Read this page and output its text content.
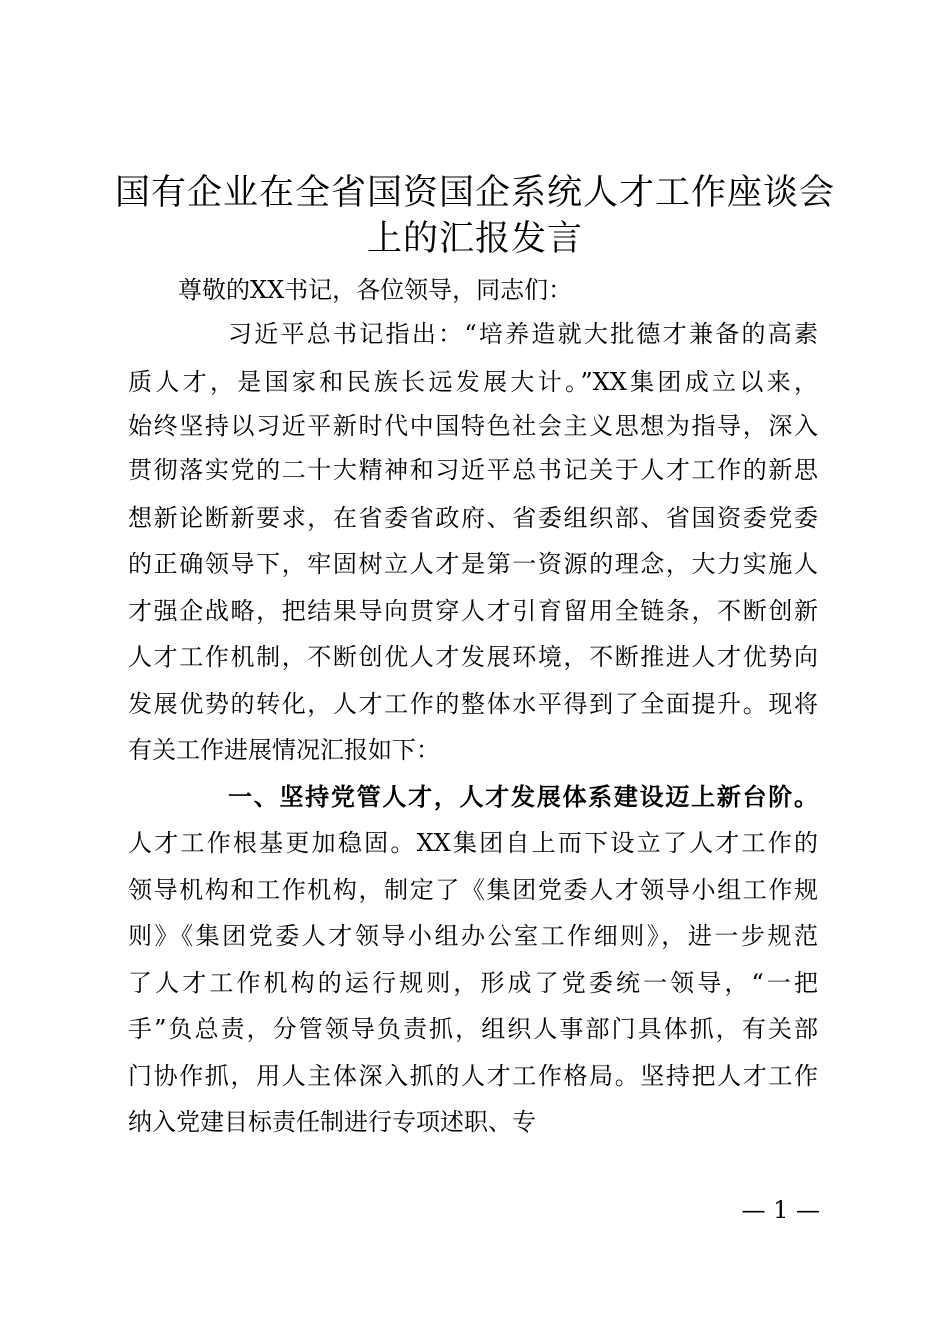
国有企业在全省国资国企系统人才工作座谈会
上的汇报发言
尊敬的XX书记，各位领导，同志们：
习近平总书记指出：“培养造就大批德才兼备的高素
质人才，是国家和民族长远发展大计。”XX集团成立以来，
始终坚持以习近平新时代中国特色社会主义思想为指导，深入
贯彻落实党的二十大精神和习近平总书记关于人才工作的新思
想新论断新要求，在省委省政府、省委组织部、省国资委党委
的正确领导下，牢固树立人才是第一资源的理念，大力实施人
才强企战略，把结果导向贯穿人才引育留用全链条，不断创新
人才工作机制，不断创优人才发展环境，不断推进人才优势向
发展优势的转化，人才工作的整体水平得到了全面提升。现将
有关工作进展情况汇报如下：
一、坚持党管人才，人才发展体系建设迈上新台阶。
人才工作根基更加稳固。XX集团自上而下设立了人才工作的
领导机构和工作机构，制定了《集团党委人才领导小组工作规
则》《集团党委人才领导小组办公室工作细则》，进一步规范
了人才工作机构的运行规则，形成了党委统一领导，“一把
手”负总责，分管领导负责抓，组织人事部门具体抓，有关部
门协作抓，用人主体深入抓的人才工作格局。坚持把人才工作
纳入党建目标责任制进行专项述职、专
— 1 —
